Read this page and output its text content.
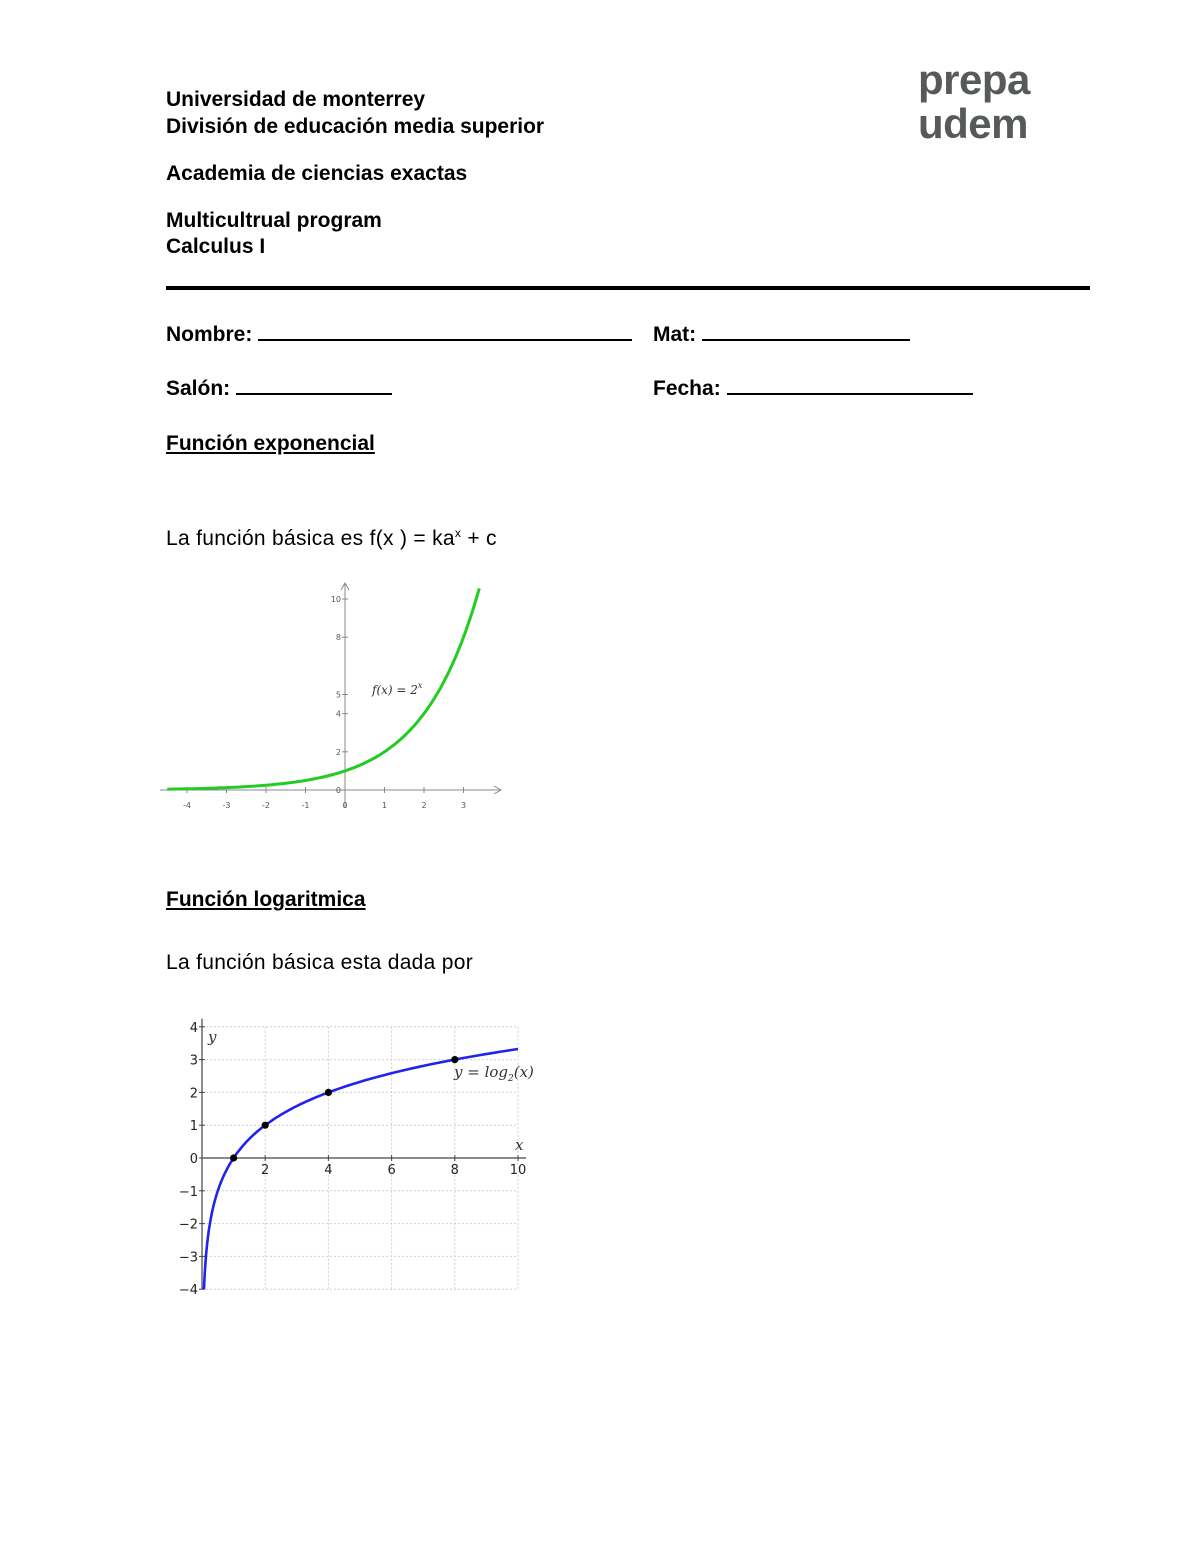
Universidad de monterrey
División de educación media superior
Academia de ciencias exactas
Multicultrual program
Calculus I
prepa
udem
Nombre:	Mat:
Salón:	Fecha:
Función exponencial
La función básica es f(x ) = $ka^x + c$
-4	-3	-2	-1	0	1	2	3
0
2
4
5
8
10
$f(x) = 2^x$
Función logaritmica
La función básica esta dada por
2	4	6	8	10
4
3
2
1
0
−1
−2
−3
−4
x
y
$y = \log_2(x)$
